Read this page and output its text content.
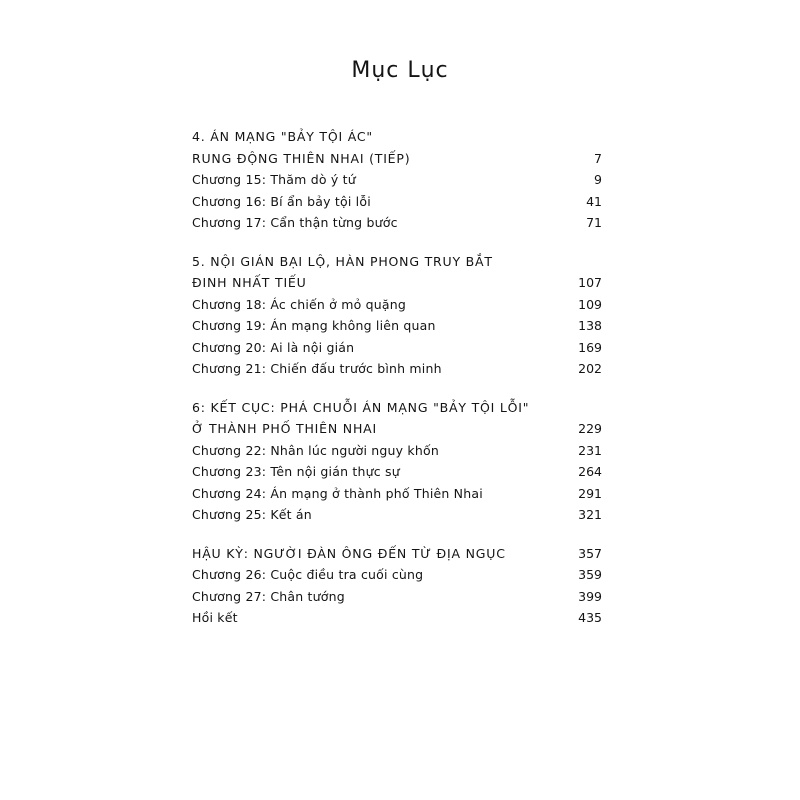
Mục Lục
4. ÁN MẠNG "BẢY TỘI ÁC"
RUNG ĐỘNG THIÊN NHAI (TIẾP)	7
Chương 15: Thăm dò ý tứ	9
Chương 16: Bí ẩn bảy tội lỗi	41
Chương 17: Cẩn thận từng bước	71
5. NỘI GIÁN BẠI LỘ, HÀN PHONG TRUY BẮT
ĐINH NHẤT TIẾU	107
Chương 18: Ác chiến ở mỏ quặng	109
Chương 19: Án mạng không liên quan	138
Chương 20: Ai là nội gián	169
Chương 21: Chiến đấu trước bình minh	202
6: KẾT CỤC: PHÁ CHUỖI ÁN MẠNG "BẢY TỘI LỖI"
Ở THÀNH PHỐ THIÊN NHAI	229
Chương 22: Nhân lúc người nguy khốn	231
Chương 23: Tên nội gián thực sự	264
Chương 24: Án mạng ở thành phố Thiên Nhai	291
Chương 25: Kết án	321
HẬU KỲ: NGƯỜI ĐÀN ÔNG ĐẾN TỪ ĐỊA NGỤC	357
Chương 26: Cuộc điều tra cuối cùng	359
Chương 27: Chân tướng	399
Hồi kết	435
